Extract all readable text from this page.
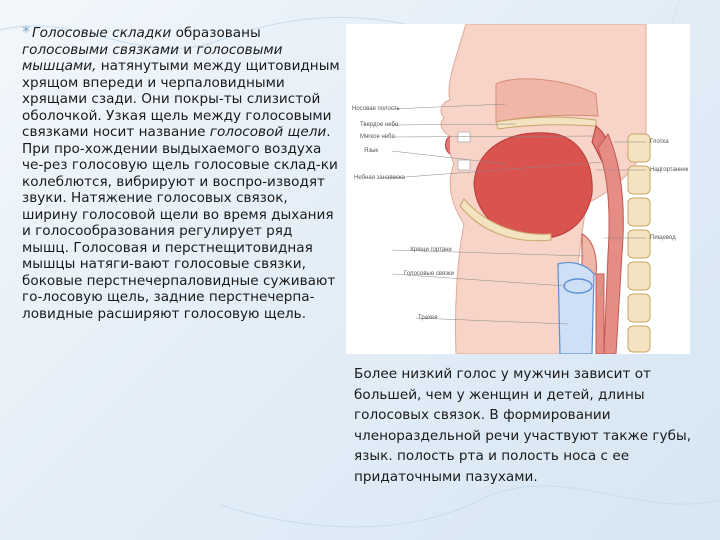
* Голосовые складки образованы голосовыми связками и голосовыми мышцами, натянутыми между щитовидным хрящом впереди и черпаловидными хрящами сзади. Они покры-ты слизистой оболочкой. Узкая щель между голосовыми связками носит название голосовой щели. При про-хождении выдыхаемого воздуха че-рез голосовую щель голосовые склад-ки колеблются, вибрируют и воспро-изводят звуки. Натяжение голосовых связок, ширину голосовой щели во время дыхания и голосообразования регулирует ряд мышц. Голосовая и перстнещитовидная мышцы натяги-вают голосовые связки, боковые перстнечерпаловидные суживают го-лосовую щель, задние перстнечерпа-ловидные расширяют голосовую щель.

Носовая полость
Твердое небо
Мягкое небо
Язык
Небная занавеска
Хрящи гортани
Голосовые связки
Трахея
Глотка
Надгортанник
Пищевод

Более низкий голос у мужчин зависит от большей, чем у женщин и детей, длины голосовых связок. В формировании членораздельной речи участвуют также губы, язык. полость рта и полость носа с ее придаточными пазухами.
